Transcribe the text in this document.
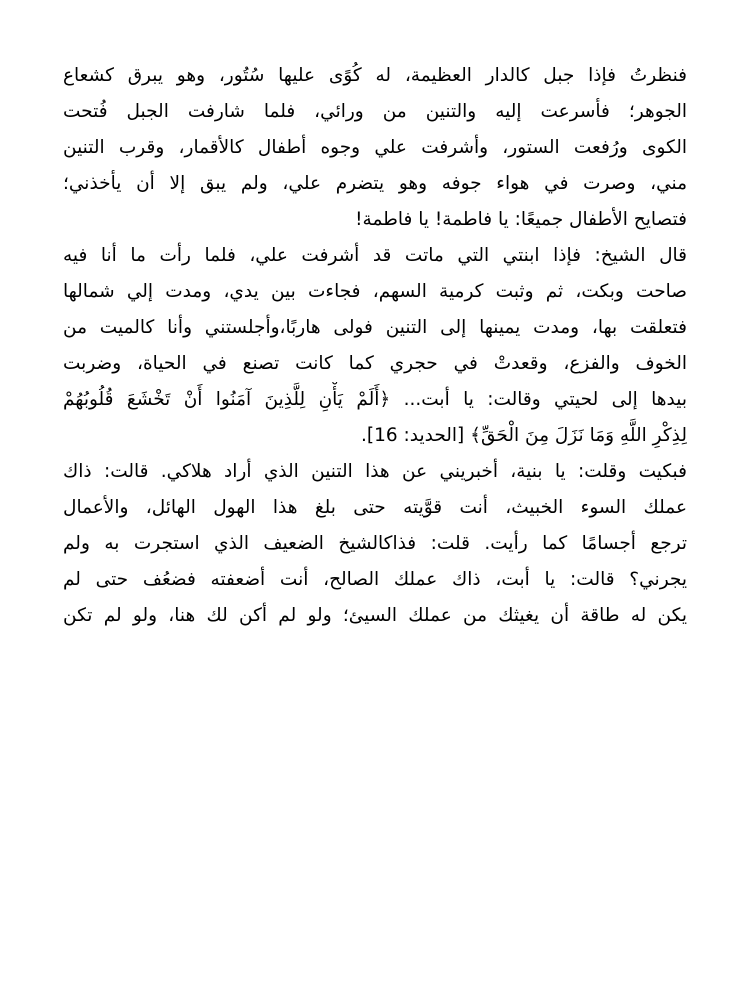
فنظرتُ فإذا جبل كالدار العظيمة، له كُوًى عليها سُتُور، وهو يبرق كشعاع
الجوهر؛ فأسرعت إليه والتنين من ورائي، فلما شارفت الجبل فُتحت
الكوى ورُفعت الستور، وأشرفت علي وجوه أطفال كالأقمار، وقرب التنين
مني، وصرت في هواء جوفه وهو يتضرم علي، ولم يبق إلا أن يأخذني؛
فتصايح الأطفال جميعًا: يا فاطمة! يا فاطمة!
قال الشيخ: فإذا ابنتي التي ماتت قد أشرفت علي، فلما رأت ما أنا فيه
صاحت وبكت، ثم وثبت كرمية السهم، فجاءت بين يدي، ومدت إلي شمالها
فتعلقت بها، ومدت يمينها إلى التنين فولى هاربًا،وأجلستني وأنا كالميت من
الخوف والفزع، وقعدتْ في حجري كما كانت تصنع في الحياة، وضربت
بيدها إلى لحيتي وقالت: يا أبت... ﴿أَلَمْ يَأْنِ لِلَّذِينَ آمَنُوا أَنْ تَخْشَعَ قُلُوبُهُمْ
لِذِكْرِ اللَّهِ وَمَا نَزَلَ مِنَ الْحَقِّ﴾ [الحديد: 16].
فبكيت وقلت: يا بنية، أخبريني عن هذا التنين الذي أراد هلاكي. قالت: ذاك
عملك السوء الخبيث، أنت قوَّيته حتى بلغ هذا الهول الهائل، والأعمال
ترجع أجسامًا كما رأيت. قلت: فذاكالشيخ الضعيف الذي استجرت به ولم
يجرني؟ قالت: يا أبت، ذاك عملك الصالح، أنت أضعفته فضعُف حتى لم
يكن له طاقة أن يغيثك من عملك السيئ؛ ولو لم أكن لك هنا، ولو لم تكن
